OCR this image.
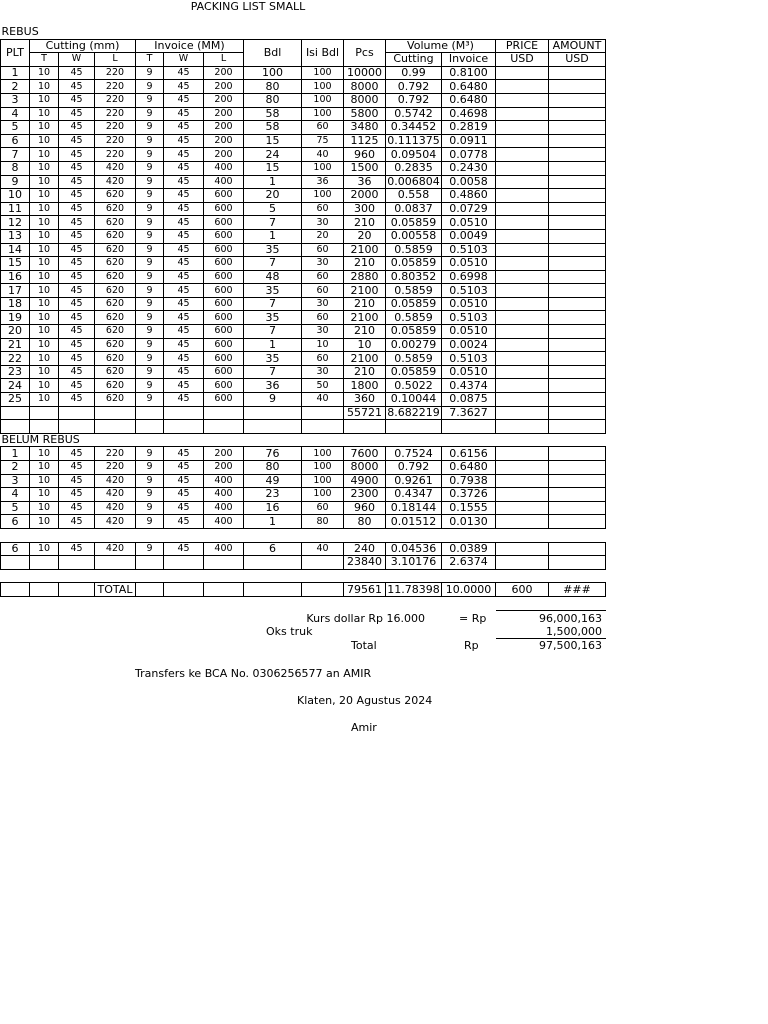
PACKING LIST SMALL
REBUS													

PLT	Cutting (mm)			Invoice (MM)			Bdl	Isi Bdl	Pcs	Volume (M³)		PRICE	AMOUNT
	T	W	L	T	W	L				Cutting	Invoice	USD	USD
1	10	45	220	9	45	200	100	100	10000	0.99	0.8100		
2	10	45	220	9	45	200	80	100	8000	0.792	0.6480		
3	10	45	220	9	45	200	80	100	8000	0.792	0.6480		
4	10	45	220	9	45	200	58	100	5800	0.5742	0.4698		
5	10	45	220	9	45	200	58	60	3480	0.34452	0.2819		
6	10	45	220	9	45	200	15	75	1125	0.111375	0.0911		
7	10	45	220	9	45	200	24	40	960	0.09504	0.0778		
8	10	45	420	9	45	400	15	100	1500	0.2835	0.2430		
9	10	45	420	9	45	400	1	36	36	0.006804	0.0058		
10	10	45	620	9	45	600	20	100	2000	0.558	0.4860		
11	10	45	620	9	45	600	5	60	300	0.0837	0.0729		
12	10	45	620	9	45	600	7	30	210	0.05859	0.0510		
13	10	45	620	9	45	600	1	20	20	0.00558	0.0049		
14	10	45	620	9	45	600	35	60	2100	0.5859	0.5103		
15	10	45	620	9	45	600	7	30	210	0.05859	0.0510		
16	10	45	620	9	45	600	48	60	2880	0.80352	0.6998		
17	10	45	620	9	45	600	35	60	2100	0.5859	0.5103		
18	10	45	620	9	45	600	7	30	210	0.05859	0.0510		
19	10	45	620	9	45	600	35	60	2100	0.5859	0.5103		
20	10	45	620	9	45	600	7	30	210	0.05859	0.0510		
21	10	45	620	9	45	600	1	10	10	0.00279	0.0024		
22	10	45	620	9	45	600	35	60	2100	0.5859	0.5103		
23	10	45	620	9	45	600	7	30	210	0.05859	0.0510		
24	10	45	620	9	45	600	36	50	1800	0.5022	0.4374		
25	10	45	620	9	45	600	9	40	360	0.10044	0.0875		
									55721	8.682219	7.3627		

BELUM REBUS													

1	10	45	220	9	45	200	76	100	7600	0.7524	0.6156		
2	10	45	220	9	45	200	80	100	8000	0.792	0.6480		
3	10	45	420	9	45	400	49	100	4900	0.9261	0.7938		
4	10	45	420	9	45	400	23	100	2300	0.4347	0.3726		
5	10	45	420	9	45	400	16	60	960	0.18144	0.1555		
6	10	45	420	9	45	400	1	80	80	0.01512	0.0130		

6	10	45	420	9	45	400	6	40	240	0.04536	0.0389		
									23840	3.10176	2.6374		

			TOTAL						79561	11.78398	10.0000	600	###
Kurs dollar Rp 16.000	= Rp	96,000,163
Oks truk	1,500,000
Total	Rp	97,500,163
Transfers ke BCA No. 0306256577 an AMIR
Klaten, 20 Agustus 2024
Amir
